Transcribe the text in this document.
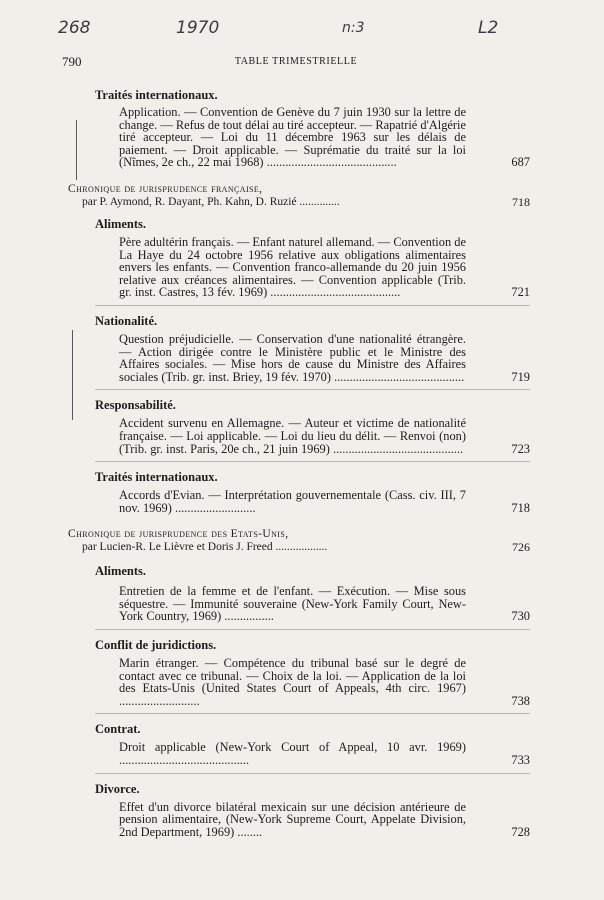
268	1970	n:3	L2
790	TABLE TRIMESTRIELLE
Traités internationaux.
Application. — Convention de Genève du 7 juin 1930 sur la lettre de change. — Refus de tout délai au tiré accepteur. — Rapatrié d'Algérie tiré accepteur. — Loi du 11 décembre 1963 sur les délais de paiement. — Droit applicable. — Suprématie du traité sur la loi (Nîmes, 2e ch., 22 mai 1968) ..........................................	687
Chronique de jurisprudence française,
par P. Aymond, R. Dayant, Ph. Kahn, D. Ruzié ..............	718
Aliments.
Père adultérin français. — Enfant naturel allemand. — Convention de La Haye du 24 octobre 1956 relative aux obligations alimentaires envers les enfants. — Convention franco-allemande du 20 juin 1956 relative aux créances alimentaires. — Convention applicable (Trib. gr. inst. Castres, 13 fév. 1969) ..........................................	721
Nationalité.
Question préjudicielle. — Conservation d'une nationalité étrangère. — Action dirigée contre le Ministère public et le Ministre des Affaires sociales. — Mise hors de cause du Ministre des Affaires sociales (Trib. gr. inst. Briey, 19 fév. 1970) ..........................................	719
Responsabilité.
Accident survenu en Allemagne. — Auteur et victime de nationalité française. — Loi applicable. — Loi du lieu du délit. — Renvoi (non) (Trib. gr. inst. Paris, 20e ch., 21 juin 1969) ..........................................	723
Traités internationaux.
Accords d'Evian. — Interprétation gouvernementale (Cass. civ. III, 7 nov. 1969) ..........................	718
Chronique de jurisprudence des Etats-Unis,
par Lucien-R. Le Lièvre et Doris J. Freed ..................	726
Aliments.
Entretien de la femme et de l'enfant. — Exécution. — Mise sous séquestre. — Immunité souveraine (New-York Family Court, New-York Country, 1969) ................	730
Conflit de juridictions.
Marin étranger. — Compétence du tribunal basé sur le degré de contact avec ce tribunal. — Choix de la loi. — Application de la loi des Etats-Unis (United States Court of Appeals, 4th circ. 1967) ..........................	738
Contrat.
Droit applicable (New-York Court of Appeal, 10 avr. 1969) ..........................................	733
Divorce.
Effet d'un divorce bilatéral mexicain sur une décision antérieure de pension alimentaire, (New-York Supreme Court, Appelate Division, 2nd Department, 1969) ........	728
